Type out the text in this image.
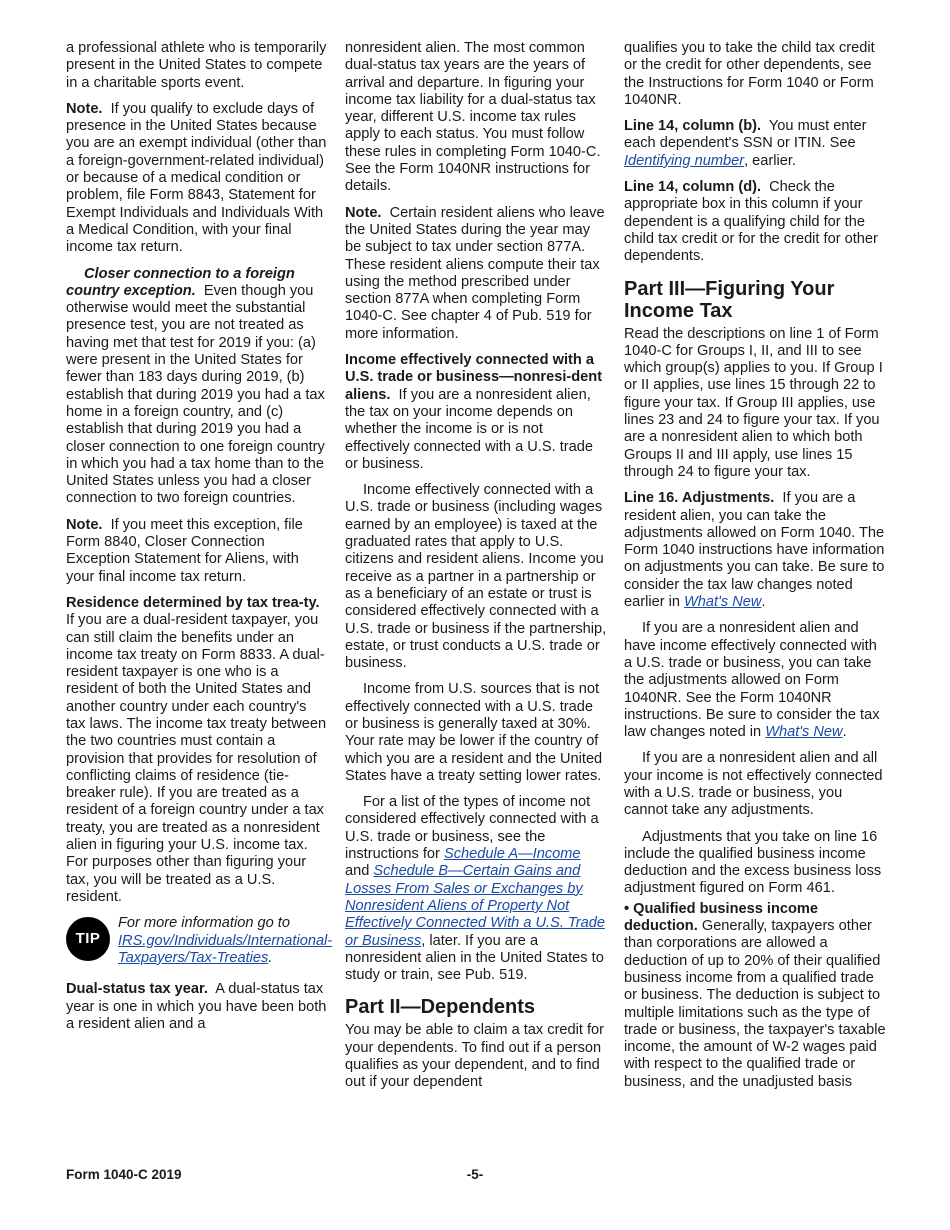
a professional athlete who is temporarily present in the United States to compete in a charitable sports event.

Note. If you qualify to exclude days of presence in the United States because you are an exempt individual (other than a foreign-government-related individual) or because of a medical condition or problem, file Form 8843, Statement for Exempt Individuals and Individuals With a Medical Condition, with your final income tax return.

Closer connection to a foreign country exception. Even though you otherwise would meet the substantial presence test, you are not treated as having met that test for 2019 if you: (a) were present in the United States for fewer than 183 days during 2019, (b) establish that during 2019 you had a tax home in a foreign country, and (c) establish that during 2019 you had a closer connection to one foreign country in which you had a tax home than to the United States unless you had a closer connection to two foreign countries.

Note. If you meet this exception, file Form 8840, Closer Connection Exception Statement for Aliens, with your final income tax return.

Residence determined by tax trea-ty. If you are a dual-resident taxpayer, you can still claim the benefits under an income tax treaty on Form 8833. A dual-resident taxpayer is one who is a resident of both the United States and another country under each country's tax laws. The income tax treaty between the two countries must contain a provision that provides for resolution of conflicting claims of residence (tie-breaker rule). If you are treated as a resident of a foreign country under a tax treaty, you are treated as a nonresident alien in figuring your U.S. income tax. For purposes other than figuring your tax, you will be treated as a U.S. resident.

TIP
For more information go to IRS.gov/Individuals/International-Taxpayers/Tax-Treaties.

Dual-status tax year. A dual-status tax year is one in which you have been both a resident alien and a

nonresident alien. The most common dual-status tax years are the years of arrival and departure. In figuring your income tax liability for a dual-status tax year, different U.S. income tax rules apply to each status. You must follow these rules in completing Form 1040-C. See the Form 1040NR instructions for details.

Note. Certain resident aliens who leave the United States during the year may be subject to tax under section 877A. These resident aliens compute their tax using the method prescribed under section 877A when completing Form 1040-C. See chapter 4 of Pub. 519 for more information.

Income effectively connected with a U.S. trade or business—nonresi-dent aliens. If you are a nonresident alien, the tax on your income depends on whether the income is or is not effectively connected with a U.S. trade or business.

Income effectively connected with a U.S. trade or business (including wages earned by an employee) is taxed at the graduated rates that apply to U.S. citizens and resident aliens. Income you receive as a partner in a partnership or as a beneficiary of an estate or trust is considered effectively connected with a U.S. trade or business if the partnership, estate, or trust conducts a U.S. trade or business.

Income from U.S. sources that is not effectively connected with a U.S. trade or business is generally taxed at 30%. Your rate may be lower if the country of which you are a resident and the United States have a treaty setting lower rates.

For a list of the types of income not considered effectively connected with a U.S. trade or business, see the instructions for Schedule A—Income and Schedule B—Certain Gains and Losses From Sales or Exchanges by Nonresident Aliens of Property Not Effectively Connected With a U.S. Trade or Business, later. If you are a nonresident alien in the United States to study or train, see Pub. 519.

Part II—Dependents

You may be able to claim a tax credit for your dependents. To find out if a person qualifies as your dependent, and to find out if your dependent

qualifies you to take the child tax credit or the credit for other dependents, see the Instructions for Form 1040 or Form 1040NR.

Line 14, column (b). You must enter each dependent's SSN or ITIN. See Identifying number, earlier.

Line 14, column (d). Check the appropriate box in this column if your dependent is a qualifying child for the child tax credit or for the credit for other dependents.

Part III—Figuring Your Income Tax

Read the descriptions on line 1 of Form 1040-C for Groups I, II, and III to see which group(s) applies to you. If Group I or II applies, use lines 15 through 22 to figure your tax. If Group III applies, use lines 23 and 24 to figure your tax. If you are a nonresident alien to which both Groups II and III apply, use lines 15 through 24 to figure your tax.

Line 16. Adjustments. If you are a resident alien, you can take the adjustments allowed on Form 1040. The Form 1040 instructions have information on adjustments you can take. Be sure to consider the tax law changes noted earlier in What's New.

If you are a nonresident alien and have income effectively connected with a U.S. trade or business, you can take the adjustments allowed on Form 1040NR. See the Form 1040NR instructions. Be sure to consider the tax law changes noted in What's New.

If you are a nonresident alien and all your income is not effectively connected with a U.S. trade or business, you cannot take any adjustments.

Adjustments that you take on line 16 include the qualified business income deduction and the excess business loss adjustment figured on Form 461.

• Qualified business income deduction. Generally, taxpayers other than corporations are allowed a deduction of up to 20% of their qualified business income from a qualified trade or business. The deduction is subject to multiple limitations such as the type of trade or business, the taxpayer's taxable income, the amount of W-2 wages paid with respect to the qualified trade or business, and the unadjusted basis

Form 1040-C 2019	-5-
